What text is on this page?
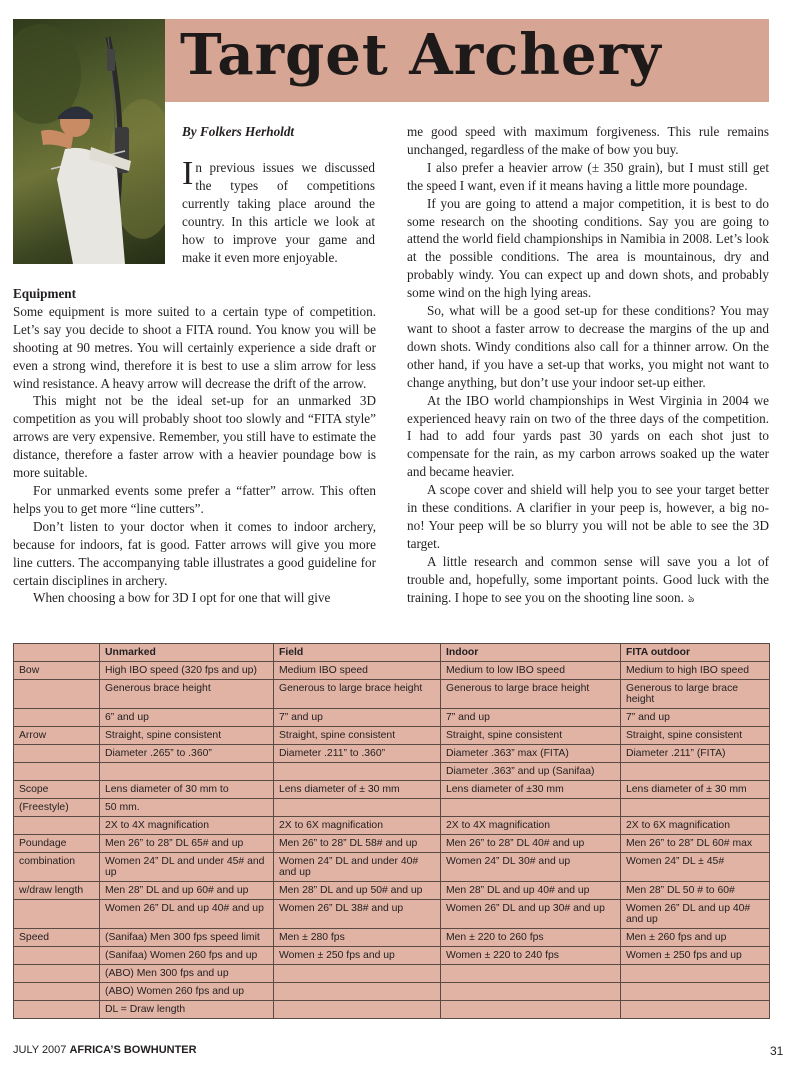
Target Archery
By Folkers Herholdt

In previous issues we discussed the types of competitions currently taking place around the country. In this article we look at how to improve your game and make it even more enjoyable.

Equipment

Some equipment is more suited to a certain type of competition. Let’s say you decide to shoot a FITA round. You know you will be shooting at 90 metres. You will certainly experience a side draft or even a strong wind, therefore it is best to use a slim arrow for less wind resistance. A heavy arrow will decrease the drift of the arrow.

This might not be the ideal set-up for an unmarked 3D competition as you will probably shoot too slowly and “FITA style” arrows are very expensive. Remember, you still have to estimate the distance, therefore a faster arrow with a heavier poundage bow is more suitable.

For unmarked events some prefer a “fatter” arrow. This often helps you to get more “line cutters”.

Don’t listen to your doctor when it comes to indoor archery, because for indoors, fat is good. Fatter arrows will give you more line cutters. The accompanying table illustrates a good guideline for certain disciplines in archery.

When choosing a bow for 3D I opt for one that will give

me good speed with maximum forgiveness. This rule remains unchanged, regardless of the make of bow you buy.

I also prefer a heavier arrow (± 350 grain), but I must still get the speed I want, even if it means having a little more poundage.

If you are going to attend a major competition, it is best to do some research on the shooting conditions. Say you are going to attend the world field championships in Namibia in 2008. Let’s look at the possible conditions. The area is mountainous, dry and probably windy. You can expect up and down shots, and probably some wind on the high lying areas.

So, what will be a good set-up for these conditions? You may want to shoot a faster arrow to decrease the margins of the up and down shots. Windy conditions also call for a thinner arrow. On the other hand, if you have a set-up that works, you might not want to change anything, but don’t use your indoor set-up either.

At the IBO world championships in West Virginia in 2004 we experienced heavy rain on two of the three days of the competition. I had to add four yards past 30 yards on each shot just to compensate for the rain, as my carbon arrows soaked up the water and became heavier.

A scope cover and shield will help you to see your target better in these conditions. A clarifier in your peep is, however, a big no-no! Your peep will be so blurry you will not be able to see the 3D target.

A little research and common sense will save you a lot of trouble and, hopefully, some important points. Good luck with the training. I hope to see you on the shooting line soon. ঌ

	Unmarked	Field	Indoor	FITA outdoor
Bow	High IBO speed (320 fps and up)	Medium IBO speed	Medium to low IBO speed	Medium to high IBO speed
	Generous brace height	Generous to large brace height	Generous to large brace height	Generous to large brace height
	6” and up	7” and up	7” and up	7” and up
Arrow	Straight, spine consistent	Straight, spine consistent	Straight, spine consistent	Straight, spine consistent
	Diameter .265” to .360”	Diameter .211” to .360”	Diameter .363” max (FITA)	Diameter .211” (FITA)
			Diameter .363” and up (Sanifaa)	
Scope	Lens diameter of 30 mm to	Lens diameter of ± 30 mm	Lens diameter of ±30 mm	Lens diameter of ± 30 mm
(Freestyle)	50 mm.			
	2X to 4X magnification	2X to 6X magnification	2X to 4X magnification	2X to 6X magnification
Poundage	Men 26” to 28” DL 65# and up	Men 26” to 28” DL 58# and up	Men 26” to 28” DL 40# and up	Men 26” to 28” DL 60# max
combination	Women 24” DL and under 45# and up	Women 24” DL and under 40# and up	Women 24” DL 30# and up	Women 24” DL ± 45#
w/draw length	Men 28” DL and up 60# and up	Men 28” DL and up 50# and up	Men 28” DL and up 40# and up	Men 28” DL 50 # to 60#
	Women 26” DL and up 40# and up	Women 26” DL 38# and up	Women 26” DL and up 30# and up	Women 26” DL and up 40# and up
Speed	(Sanifaa) Men 300 fps speed limit	Men ± 280 fps	Men ± 220 to 260 fps	Men ± 260 fps and up
	(Sanifaa) Women 260 fps and up	Women ± 250 fps and up	Women ± 220 to 240 fps	Women ± 250 fps and up
	(ABO) Men 300 fps and up			
	(ABO) Women 260 fps and up			
	DL = Draw length			
JULY 2007 AFRICA’S BOWHUNTER	31
